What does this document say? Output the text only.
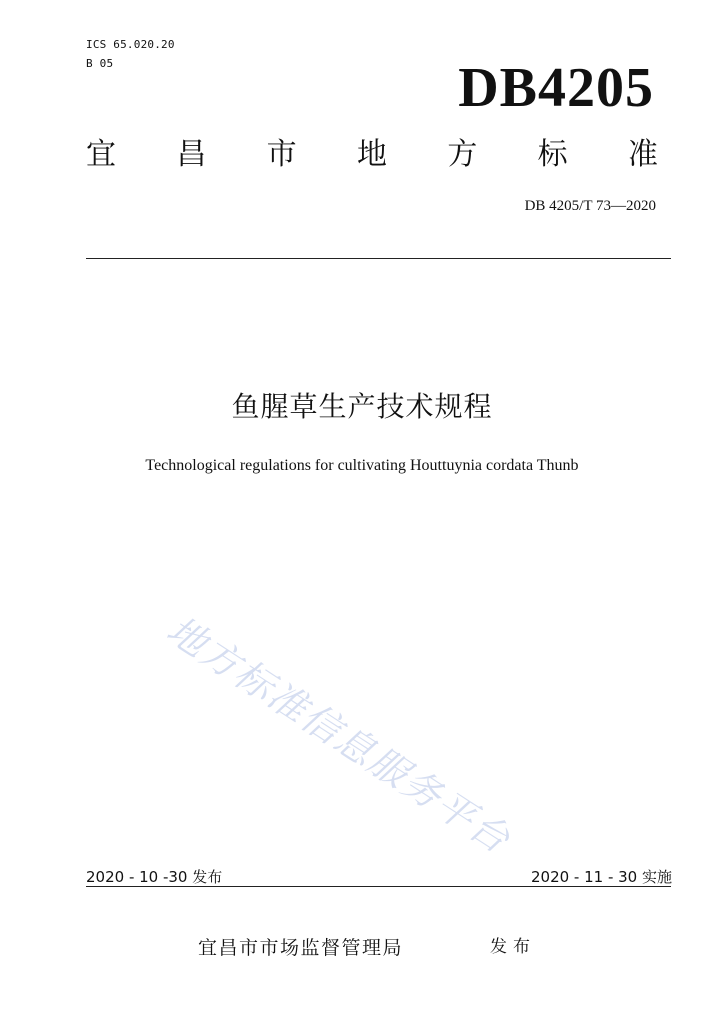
ICS 65.020.20
B 05	DB4205
宜 昌 市 地 方 标 准
DB 4205/T 73—2020
鱼腥草生产技术规程
Technological regulations for cultivating Houttuynia cordata Thunb
地方标准信息服务平台
2020 - 10 -30 发布	2020 - 11 - 30 实施
宜昌市市场监督管理局	发布
